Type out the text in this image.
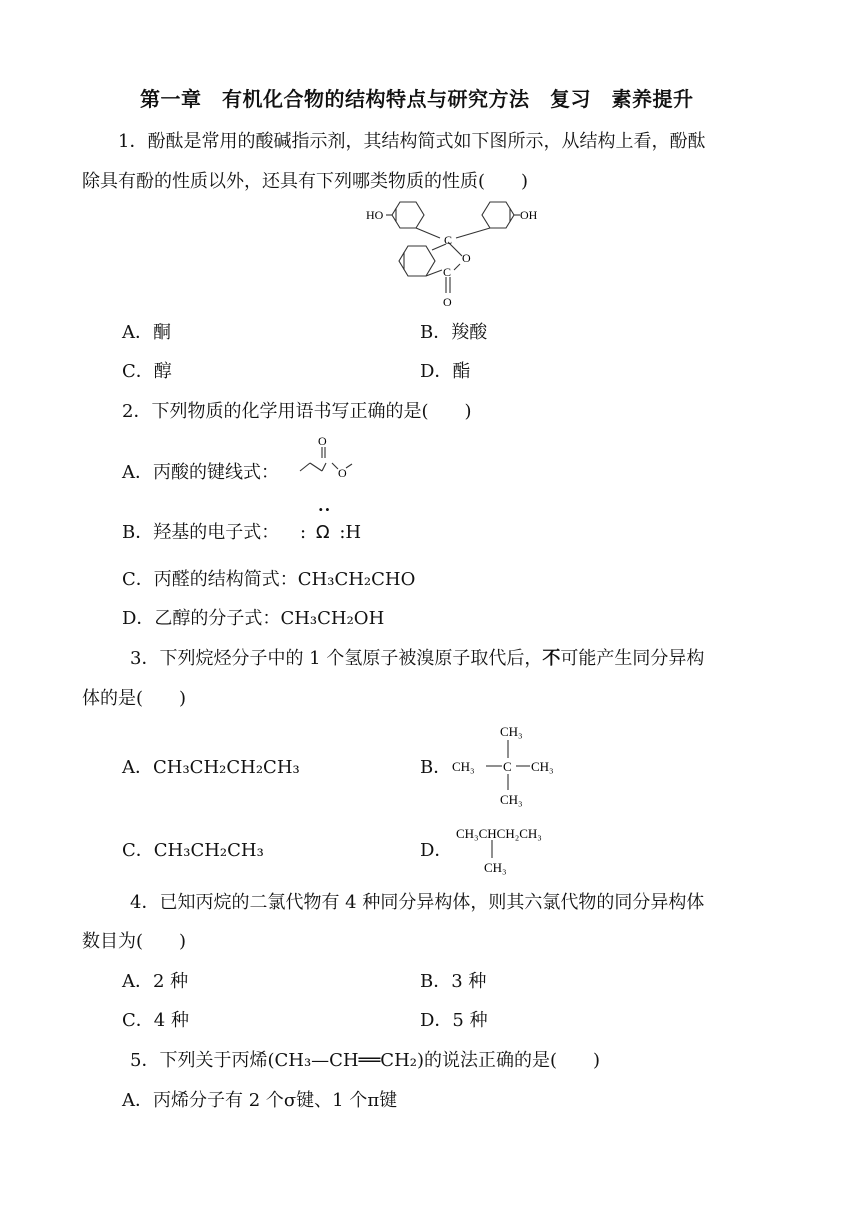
第一章　有机化合物的结构特点与研究方法　复习　素养提升
1．酚酞是常用的酸碱指示剂，其结构简式如下图所示，从结构上看，酚酞
除具有酚的性质以外，还具有下列哪类物质的性质(　　)
HO	OH
C
O
C
O
A．酮	B．羧酸
C．醇	D．酯
2．下列物质的化学用语书写正确的是(　　)
A．丙酸的键线式：
O
O
B．羟基的电子式：
..
: Ω :H
C．丙醛的结构简式：CH₃CH₂CHO
D．乙醇的分子式：CH₃CH₂OH
3．下列烷烃分子中的 1 个氢原子被溴原子取代后，不可能产生同分异构
体的是(　　)
A．CH₃CH₂CH₂CH₃	B．
CH₃
CH₃ C CH₃
CH₃
C．CH₃CH₂CH₃	D．
CH₃CHCH₂CH₃
CH₃
4．已知丙烷的二氯代物有 4 种同分异构体，则其六氯代物的同分异构体
数目为(　　)
A．2 种	B．3 种
C．4 种	D．5 种
5．下列关于丙烯(CH₃—CH══CH₂)的说法正确的是(　　)
A．丙烯分子有 2 个σ键、1 个π键
